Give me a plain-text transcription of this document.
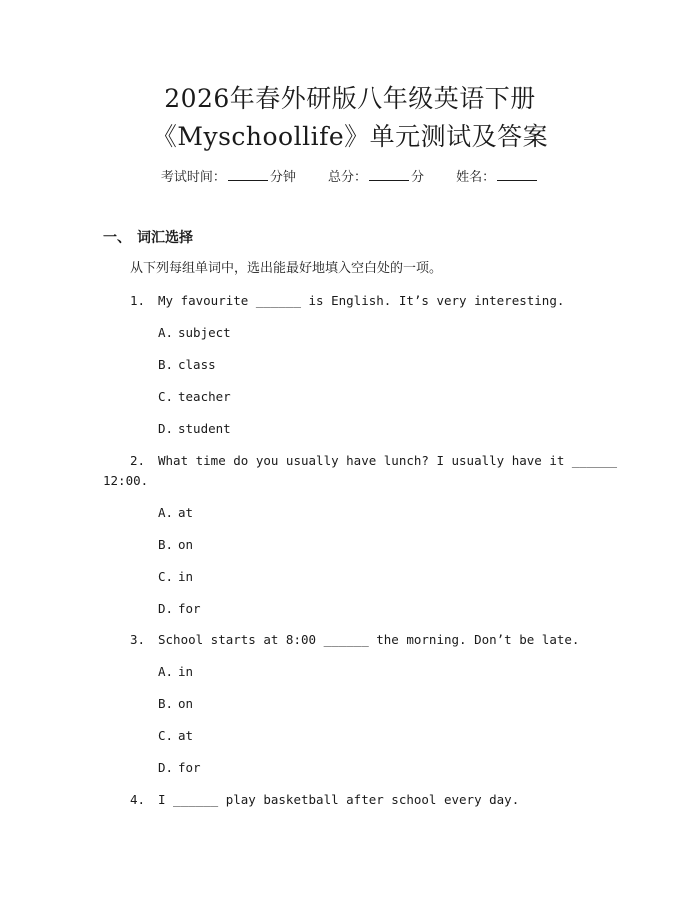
2026年春外研版八年级英语下册
《Myschoollife》单元测试及答案
考试时间：	分钟 总分：	分 姓名：
一、 词汇选择
从下列每组单词中，选出能最好地填入空白处的一项。
1. My favourite ______ is English. It’s very interesting.
A. subject
B. class
C. teacher
D. student
2. What time do you usually have lunch? I usually have it ______
12:00.
A. at
B. on
C. in
D. for
3. School starts at 8:00 ______ the morning. Don’t be late.
A. in
B. on
C. at
D. for
4. I ______ play basketball after school every day.
